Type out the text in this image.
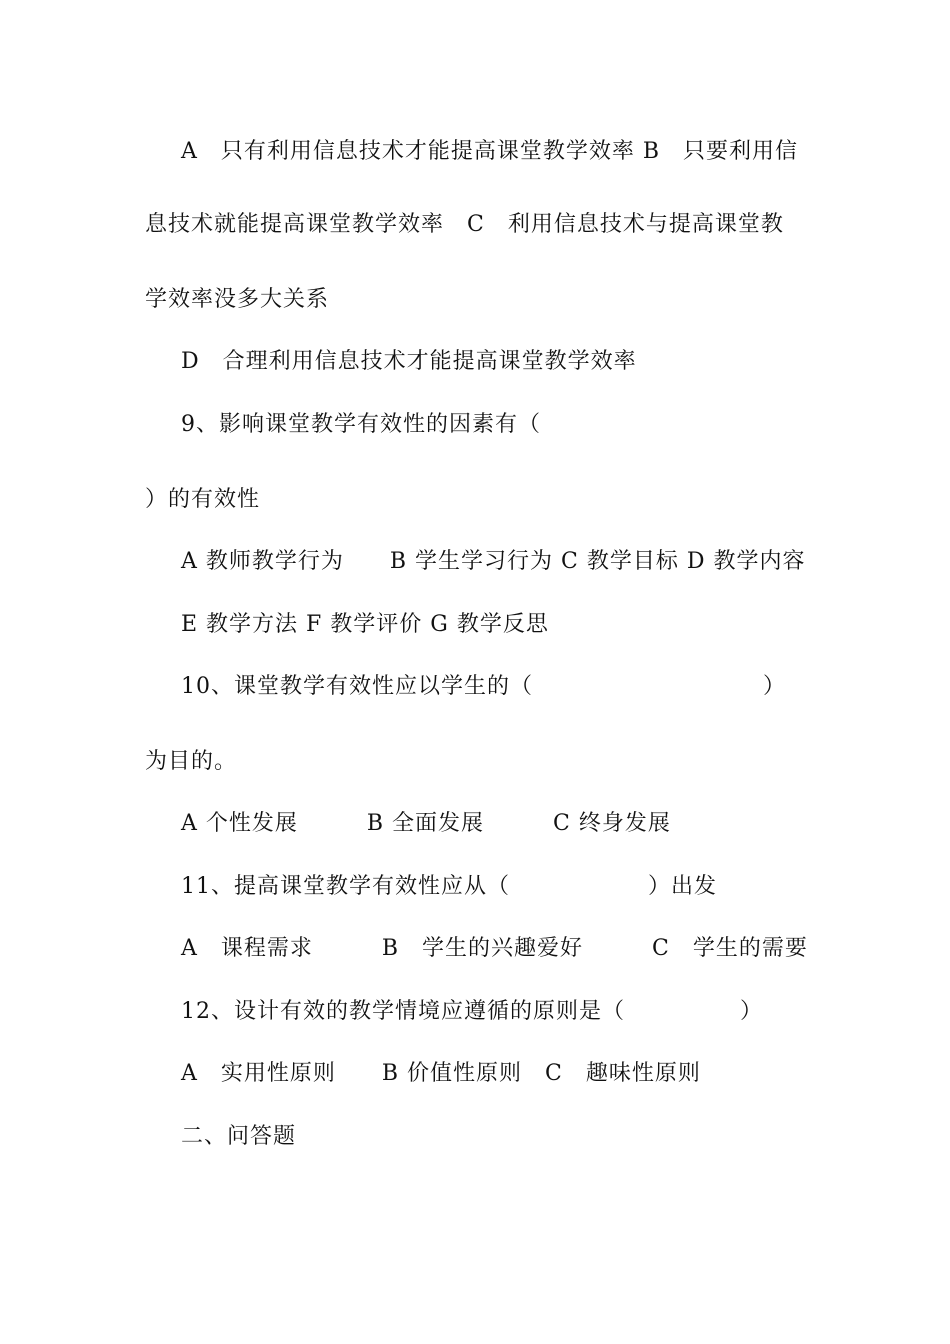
A　只有利用信息技术才能提高课堂教学效率 B　只要利用信
息技术就能提高课堂教学效率　C　利用信息技术与提高课堂教
学效率没多大关系
D　合理利用信息技术才能提高课堂教学效率
9、影响课堂教学有效性的因素有（
）的有效性
A 教师教学行为　　B 学生学习行为 C 教学目标 D 教学内容
E 教学方法 F 教学评价 G 教学反思
10、课堂教学有效性应以学生的（　　　　　　　　　　）
为目的。
A 个性发展　　　B 全面发展　　　C 终身发展
11、提高课堂教学有效性应从（　　　　　　）出发
A　课程需求　　　B　学生的兴趣爱好　　　C　学生的需要
12、设计有效的教学情境应遵循的原则是（　　　　　）
A　实用性原则　　B 价值性原则　C　趣味性原则
二、问答题
